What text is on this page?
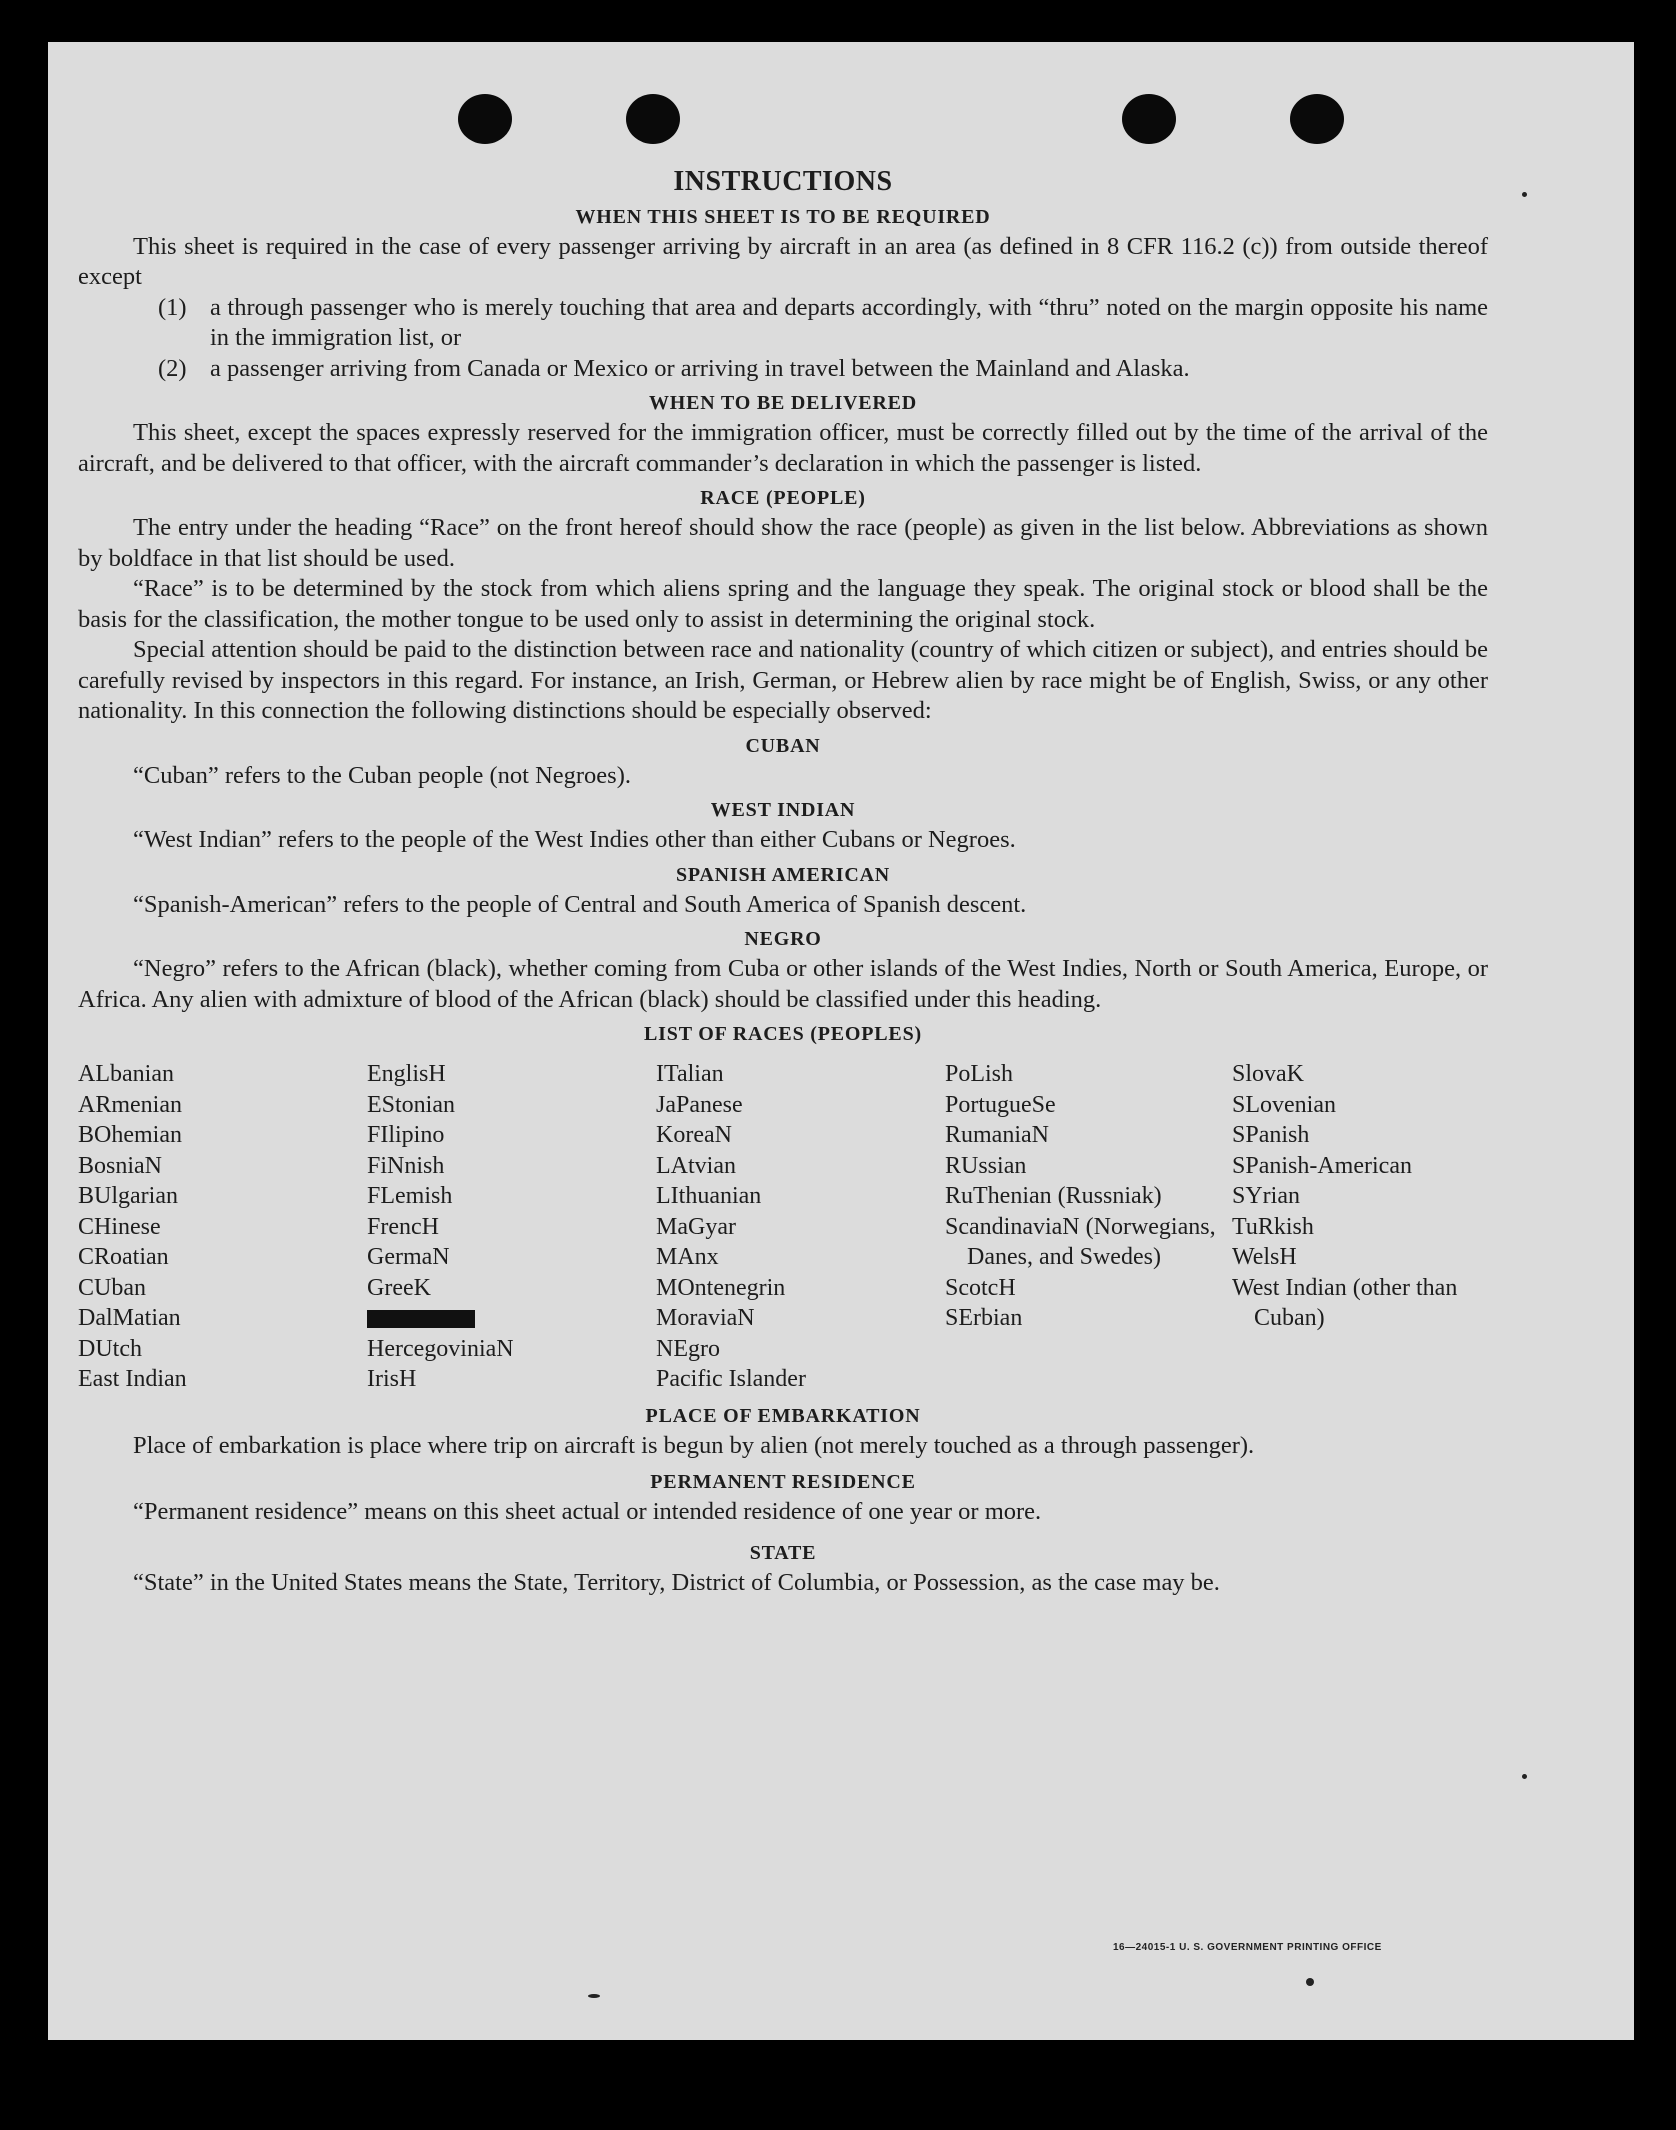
INSTRUCTIONS
WHEN THIS SHEET IS TO BE REQUIRED

This sheet is required in the case of every passenger arriving by aircraft in an area (as defined in 8 CFR 116.2 (c)) from outside thereof except

(1) a through passenger who is merely touching that area and departs accordingly, with “thru” noted on the margin opposite his name in the immigration list, or
(2) a passenger arriving from Canada or Mexico or arriving in travel between the Mainland and Alaska.
WHEN TO BE DELIVERED

This sheet, except the spaces expressly reserved for the immigration officer, must be correctly filled out by the time of the arrival of the aircraft, and be delivered to that officer, with the aircraft commander’s declaration in which the passenger is listed.

RACE (PEOPLE)

The entry under the heading “Race” on the front hereof should show the race (people) as given in the list below. Abbreviations as shown by boldface in that list should be used.

“Race” is to be determined by the stock from which aliens spring and the language they speak. The original stock or blood shall be the basis for the classification, the mother tongue to be used only to assist in determining the original stock.

Special attention should be paid to the distinction between race and nationality (country of which citizen or subject), and entries should be carefully revised by inspectors in this regard. For instance, an Irish, German, or Hebrew alien by race might be of English, Swiss, or any other nationality. In this connection the following distinctions should be especially observed:

CUBAN

“Cuban” refers to the Cuban people (not Negroes).

WEST INDIAN

“West Indian” refers to the people of the West Indies other than either Cubans or Negroes.

SPANISH AMERICAN

“Spanish-American” refers to the people of Central and South America of Spanish descent.

NEGRO

“Negro” refers to the African (black), whether coming from Cuba or other islands of the West Indies, North or South America, Europe, or Africa. Any alien with admixture of blood of the African (black) should be classified under this heading.

LIST OF RACES (PEOPLES)
ALbanian
ARmenian
BOhemian
BosniaN
BUlgarian
CHinese
CRoatian
CUban
DalMatian
DUtch
East Indian
EnglisH
EStonian
FIlipino
FiNnish
FLemish
FrencH
GermaN
GreeK
HercegoviniaN
IrisH
ITalian
JaPanese
KoreaN
LAtvian
LIthuanian
MaGyar
MAnx
MOntenegrin
MoraviaN
NEgro
Pacific Islander
PoLish
PortugueSe
RumaniaN
RUssian
RuThenian (Russniak)
ScandinaviaN (Norwegians, Danes, and Swedes)
ScotcH
SErbian
SlovaK
SLovenian
SPanish
SPanish-American
SYrian
TuRkish
WelsH
West Indian (other than Cuban)
PLACE OF EMBARKATION

Place of embarkation is place where trip on aircraft is begun by alien (not merely touched as a through passenger).

PERMANENT RESIDENCE

“Permanent residence” means on this sheet actual or intended residence of one year or more.

STATE

“State” in the United States means the State, Territory, District of Columbia, or Possession, as the case may be.

16—24015-1 U. S. GOVERNMENT PRINTING OFFICE
